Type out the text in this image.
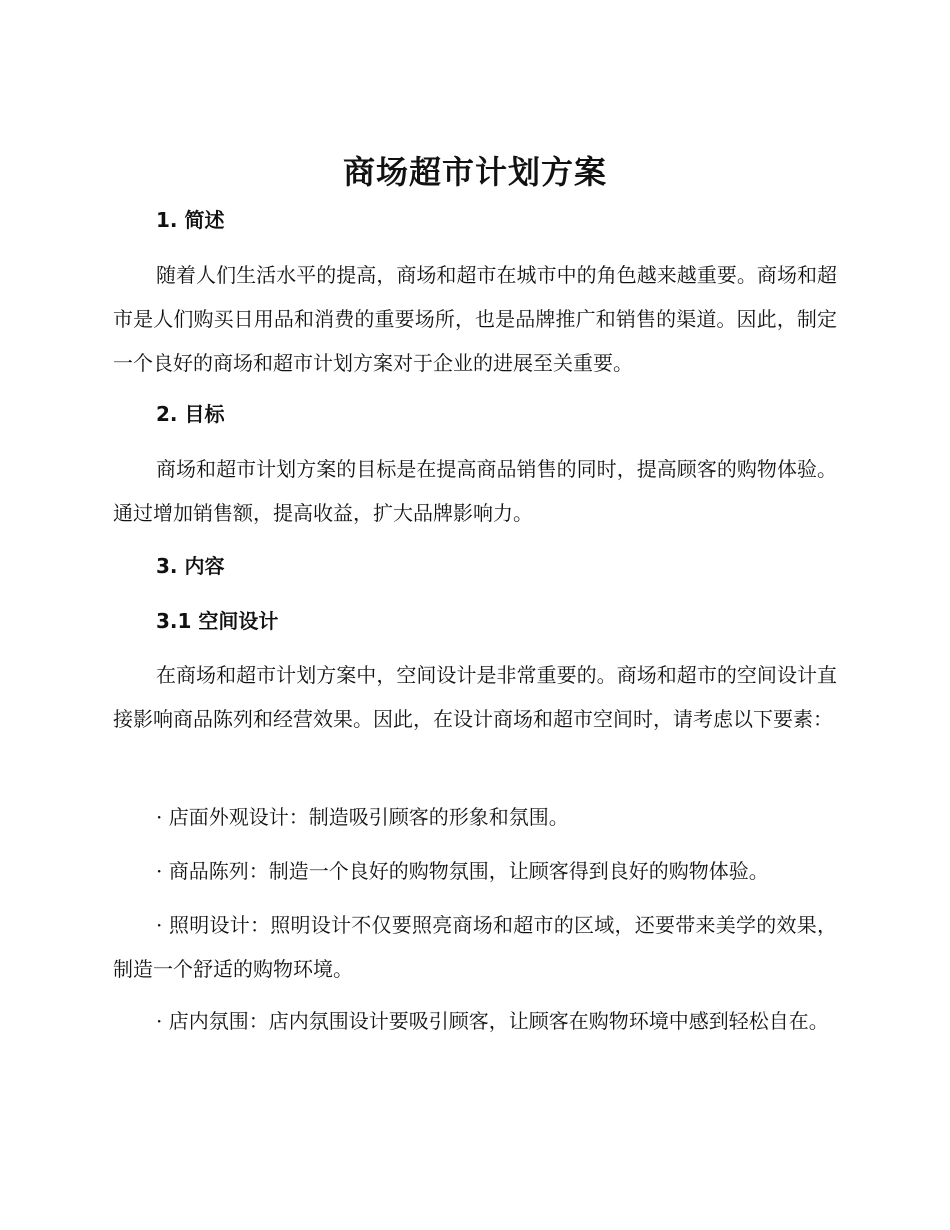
商场超市计划方案
1. 简述

随着人们生活水平的提高，商场和超市在城市中的角色越来越重要。商场和超市是人们购买日用品和消费的重要场所，也是品牌推广和销售的渠道。因此，制定一个良好的商场和超市计划方案对于企业的进展至关重要。

2. 目标

商场和超市计划方案的目标是在提高商品销售的同时，提高顾客的购物体验。通过增加销售额，提高收益，扩大品牌影响力。

3. 内容
3.1 空间设计

在商场和超市计划方案中，空间设计是非常重要的。商场和超市的空间设计直接影响商品陈列和经营效果。因此，在设计商场和超市空间时，请考虑以下要素：

· 店面外观设计：制造吸引顾客的形象和氛围。

· 商品陈列：制造一个良好的购物氛围，让顾客得到良好的购物体验。

· 照明设计：照明设计不仅要照亮商场和超市的区域，还要带来美学的效果，制造一个舒适的购物环境。

· 店内氛围：店内氛围设计要吸引顾客，让顾客在购物环境中感到轻松自在。
